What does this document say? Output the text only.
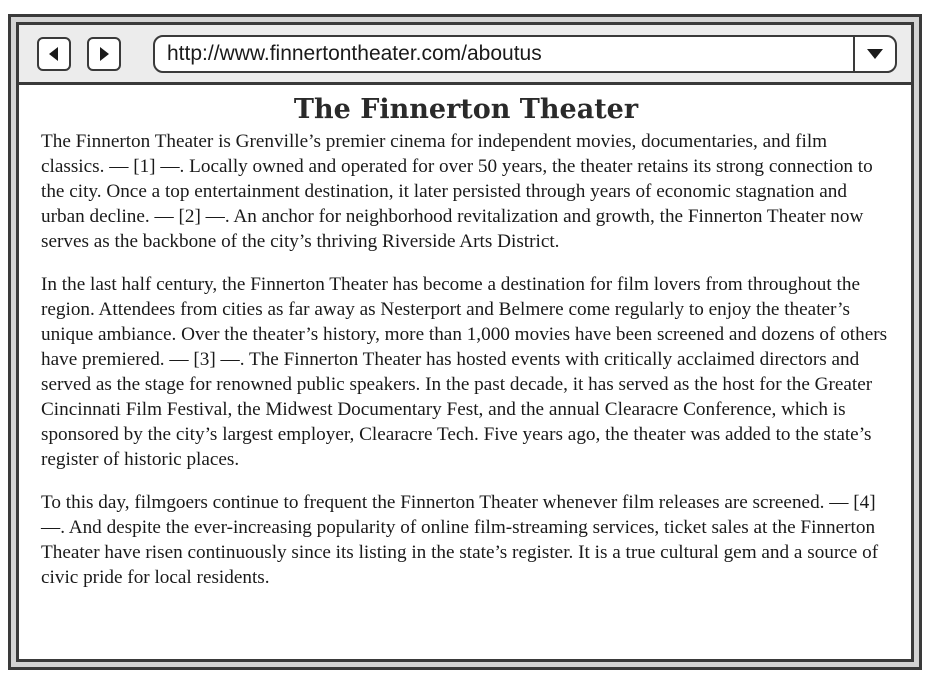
http://www.finnertontheater.com/aboutus
The Finnerton Theater

The Finnerton Theater is Grenville’s premier cinema for independent movies, documentaries, and film classics. — [1] —. Locally owned and operated for over 50 years, the theater retains its strong connection to the city. Once a top entertainment destination, it later persisted through years of economic stagnation and urban decline. — [2] —. An anchor for neighborhood revitalization and growth, the Finnerton Theater now serves as the backbone of the city’s thriving Riverside Arts District.

In the last half century, the Finnerton Theater has become a destination for film lovers from throughout the region. Attendees from cities as far away as Nesterport and Belmere come regularly to enjoy the theater’s unique ambiance. Over the theater’s history, more than 1,000 movies have been screened and dozens of others have premiered. — [3] —. The Finnerton Theater has hosted events with critically acclaimed directors and served as the stage for renowned public speakers. In the past decade, it has served as the host for the Greater Cincinnati Film Festival, the Midwest Documentary Fest, and the annual Clearacre Conference, which is sponsored by the city’s largest employer, Clearacre Tech. Five years ago, the theater was added to the state’s register of historic places.

To this day, filmgoers continue to frequent the Finnerton Theater whenever film releases are screened. — [4] —. And despite the ever-increasing popularity of online film-streaming services, ticket sales at the Finnerton Theater have risen continuously since its listing in the state’s register. It is a true cultural gem and a source of civic pride for local residents.
